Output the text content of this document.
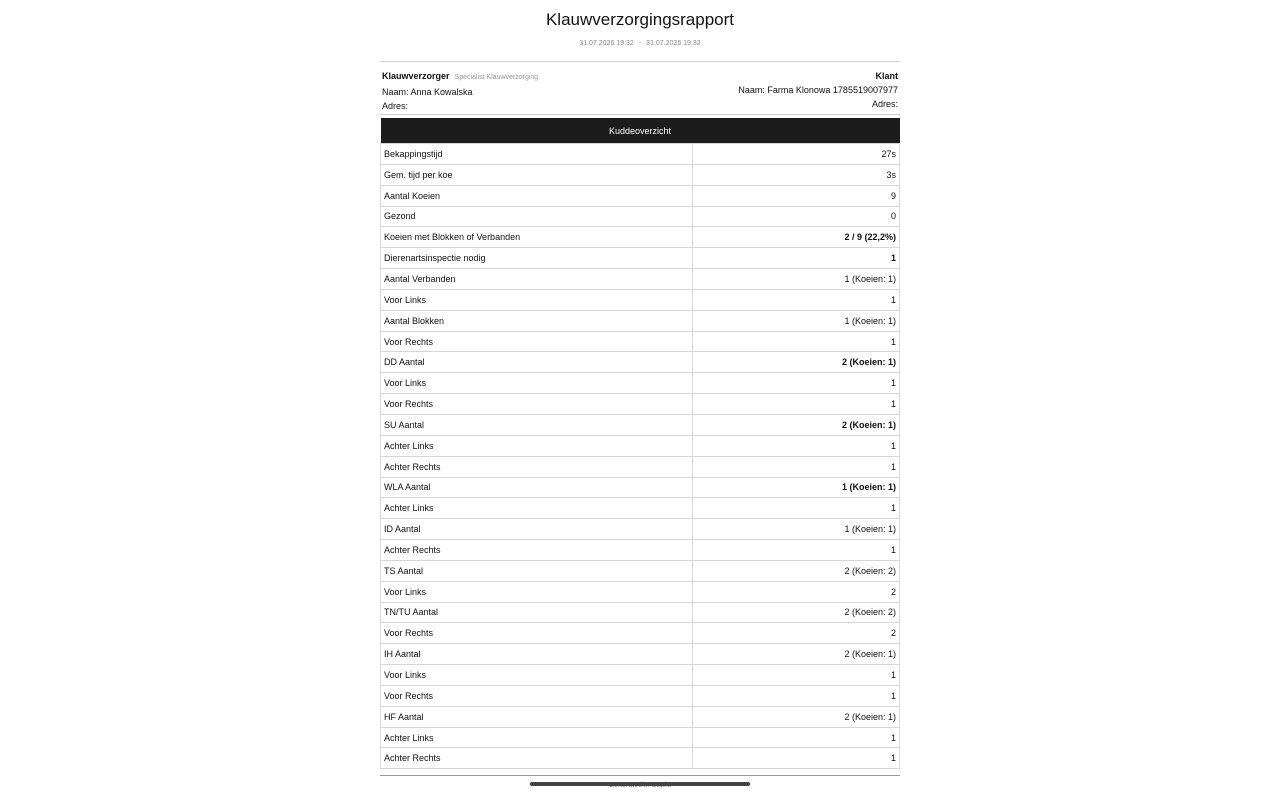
Klauwverzorgingsrapport
31.07.2026 19:32 - 31.07.2026 19:32
Klauwverzorger Specialist Klauwverzorging
Naam: Anna Kowalska
Adres:
Klant
Naam: Farma Klonowa 1785519007977
Adres:
Kuddeoverzicht	
Bekappingstijd	27s
Gem. tijd per koe	3s
Aantal Koeien	9
Gezond	0
Koeien met Blokken of Verbanden	2 / 9 (22,2%)
Dierenartsinspectie nodig	1
Aantal Verbanden	1 (Koeien: 1)
Voor Links	1
Aantal Blokken	1 (Koeien: 1)
Voor Rechts	1
DD Aantal	2 (Koeien: 1)
Voor Links	1
Voor Rechts	1
SU Aantal	2 (Koeien: 1)
Achter Links	1
Achter Rechts	1
WLA Aantal	1 (Koeien: 1)
Achter Links	1
ID Aantal	1 (Koeien: 1)
Achter Rechts	1
TS Aantal	2 (Koeien: 2)
Voor Links	2
TN/TU Aantal	2 (Koeien: 2)
Voor Rechts	2
IH Aantal	2 (Koeien: 1)
Voor Links	1
Voor Rechts	1
HF Aantal	2 (Koeien: 1)
Achter Links	1
Achter Rechts	1
